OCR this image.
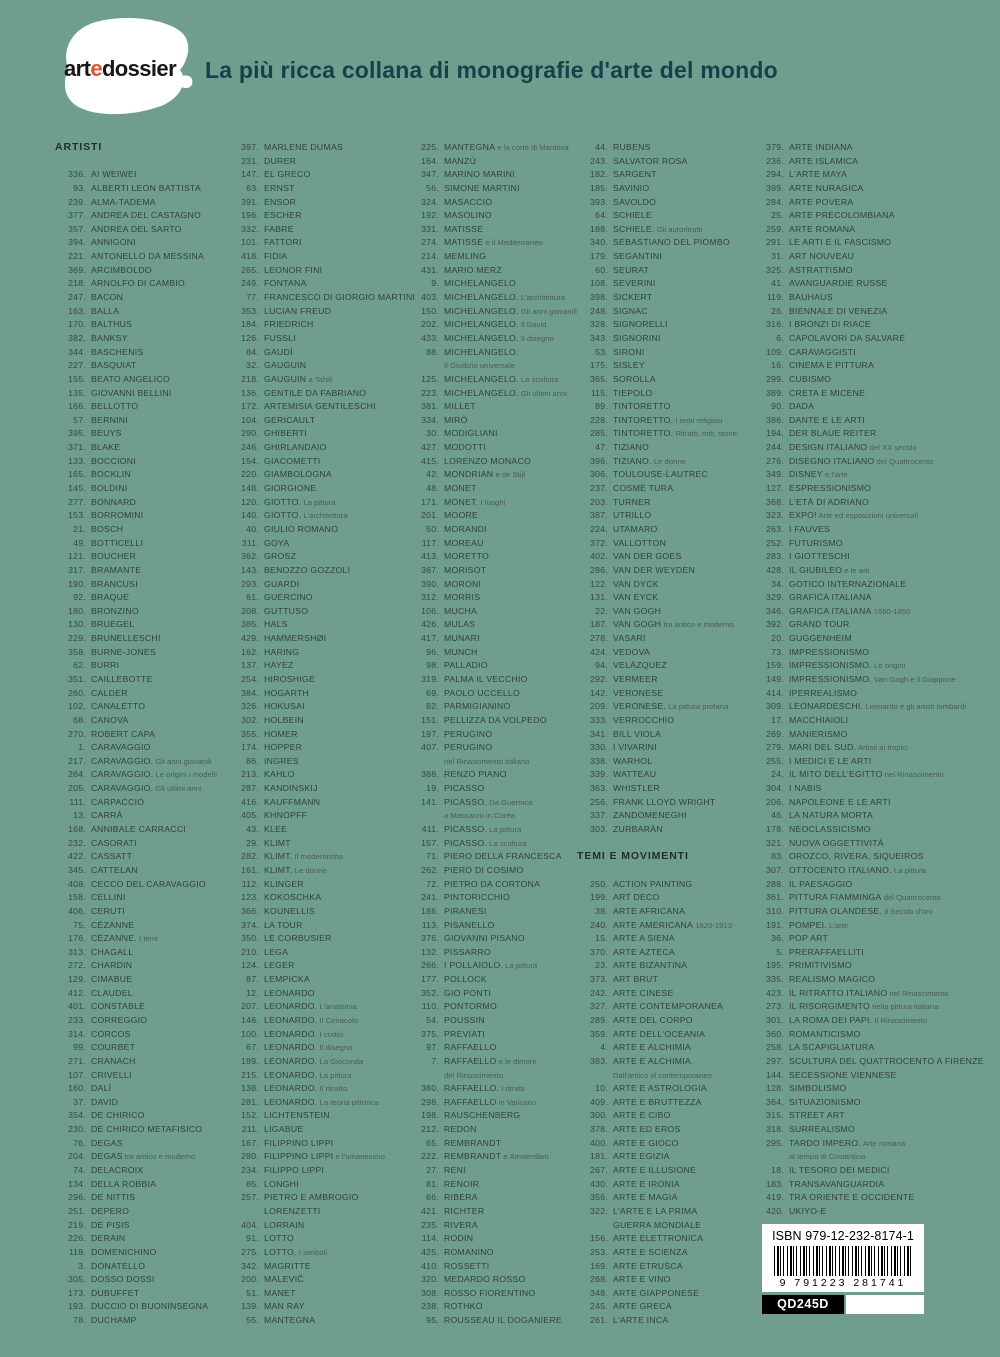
artedossier La più ricca collana di monografie d'arte del mondo
ARTISTI
336. AI WEIWEI
93. ALBERTI LEON BATTISTA
239. ALMA-TADEMA
377. ANDREA DEL CASTAGNO
357. ANDREA DEL SARTO
394. ANNIGONI
221. ANTONELLO DA MESSINA
369. ARCIMBOLDO
218. ARNOLFO DI CAMBIO
247. BACON
163. BALLA
170. BALTHUS
382. BANKSY
344. BASCHENIS
227. BASQUIAT
155. BEATO ANGELICO
135. GIOVANNI BELLINI
166. BELLOTTO
57. BERNINI
395. BEUYS
371. BLAKE
133. BOCCIONI
165. BOCKLIN
145. BOLDINI
277. BONNARD
153. BORROMINI
21. BOSCH
49. BOTTICELLI
121. BOUCHER
317. BRAMANTE
190. BRANCUSI
92. BRAQUE
180. BRONZINO
130. BRUEGEL
229. BRUNELLESCHI
358. BURNE-JONES
62. BURRI
351. CAILLEBOTTE
260. CALDER
102. CANALETTO
68. CANOVA
270. ROBERT CAPA
1. CARAVAGGIO
217. CARAVAGGIO. Gli anni giovanili
264. CARAVAGGIO. Le origini i modelli
205. CARAVAGGIO. Gli ultimi anni
111. CARPACCIO
13. CARRÀ
168. ANNIBALE CARRACCI
232. CASORATI
422. CASSATT
345. CATTELAN
408. CECCO DEL CARAVAGGIO
158. CELLINI
406. CERUTI
75. CÉZANNE
176. CÉZANNE. I temi
313. CHAGALL
272. CHARDIN
129. CIMABUE
412. CLAUDEL
401. CONSTABLE
233. CORREGGIO
314. CORCOS
99. COURBET
271. CRANACH
107. CRIVELLI
160. DALÍ
37. DAVID
354. DE CHIRICO
230. DE CHIRICO METAFISICO
76. DEGAS
204. DEGAS tra antico e moderno
74. DELACROIX
134. DELLA ROBBIA
296. DE NITTIS
251. DEPERO
219. DE PISIS
226. DERAIN
118. DOMENICHINO
3. DONATELLO
305. DOSSO DOSSI
173. DUBUFFET
193. DUCCIO DI BUONINSEGNA
78. DUCHAMP
397. MARLENE DUMAS
231. DURER
147. EL GRECO
63. ERNST
391. ENSOR
196. ESCHER
332. FABRE
101. FATTORI
418. FIDIA
265. LEONOR FINI
249. FONTANA
77. FRANCESCO DI GIORGIO MARTINI
353. LUCIAN FREUD
184. FRIEDRICH
126. FUSSLI
84. GAUDÍ
32. GAUGUIN
218. GAUGUIN a Tahiti
136. GENTILE DA FABRIANO
172. ARTEMISIA GENTILESCHI
104. GERICAULT
290. GHIBERTI
246. GHIRLANDAIO
154. GIACOMETTI
220. GIAMBOLOGNA
148. GIORGIONE
120. GIOTTO. La pittura
140. GIOTTO. L'architettura
40. GIULIO ROMANO
311. GOYA
362. GROSZ
143. BENOZZO GOZZOLI
293. GUARDI
61. GUERCINO
208. GUTTUSO
385. HALS
429. HAMMERSHØI
162. HARING
137. HAYEZ
254. HIROSHIGE
384. HOGARTH
326. HOKUSAI
302. HOLBEIN
355. HOMER
174. HOPPER
86. INGRES
213. KAHLO
287. KANDINSKIJ
416. KAUFFMANN
405. KHNOPFF
43. KLEE
29. KLIMT
282. KLIMT. Il modernismo
161. KLIMT. Le donne
112. KLINGER
123. KOKOSCHKA
366. KOUNELLIS
374. LA TOUR
350. LE CORBUSIER
210. LEGA
124. LEGER
87. LEMPICKA
12. LEONARDO
207. LEONARDO. L'anatomia
146. LEONARDO. Il Cenacolo
100. LEONARDO. I codici
67. LEONARDO. Il disegno
189. LEONARDO. La Gioconda
215. LEONARDO. La pittura
138. LEONARDO. Il ritratto
281. LEONARDO. La teoria pittorica
152. LICHTENSTEIN
211. LIGABUE
167. FILIPPINO LIPPI
280. FILIPPINO LIPPI e l'umanesimo
234. FILIPPO LIPPI
85. LONGHI
257. PIETRO E AMBROGIO
LORENZETTI
404. LORRAIN
91. LOTTO
275. LOTTO. I simboli
342. MAGRITTE
200. MALEVIČ
51. MANET
139. MAN RAY
55. MANTEGNA
225. MANTEGNA e la corte di Mantova
164. MANZÙ
347. MARINO MARINI
56. SIMONE MARTINI
324. MASACCIO
192. MASOLINO
331. MATISSE
274. MATISSE e il Mediterraneo
214. MEMLING
431. MARIO MERZ
9. MICHELANGELO
403. MICHELANGELO. L'architettura
150. MICHELANGELO. Gli anni giovanili
202. MICHELANGELO. Il David
433. MICHELANGELO. Il disegno
88. MICHELANGELO.
Il Giudizio universale
125. MICHELANGELO. La scultura
223. MICHELANGELO. Gli ultimi anni
381. MILLET
334. MIRÒ
30. MODIGLIANI
427. MODOTTI
415. LORENZO MONACO
42. MONDRIAN e de Stijl
48. MONET
171. MONET. I luoghi
201. MOORE
50. MORANDI
117. MOREAU
413. MORETTO
367. MORISOT
390. MORONI
312. MORRIS
106. MUCHA
426. MULAS
417. MUNARI
96. MUNCH
98. PALLADIO
319. PALMA IL VECCHIO
69. PAOLO UCCELLO
82. PARMIGIANINO
151. PELLIZZA DA VOLPEDO
197. PERUGINO
407. PERUGINO
nel Rinascimento italiano
388. RENZO PIANO
19. PICASSO
141. PICASSO. Da Guernica
a Massacro in Corea
411. PICASSO. La pittura
157. PICASSO. La scultura
71. PIERO DELLA FRANCESCA
262. PIERO DI COSIMO
72. PIETRO DA CORTONA
241. PINTORICCHIO
186. PIRANESI
113. PISANELLO
376. GIOVANNI PISANO
132. PISSARRO
266. I POLLAIOLO. La pittura
177. POLLOCK
352. GIO PONTI
110. PONTORMO
54. POUSSIN
375. PREVIATI
97. RAFFAELLO
7. RAFFAELLO e le dimore
del Rinascimento
380. RAFFAELLO. I ritratti
298. RAFFAELLO in Vaticano
198. RAUSCHENBERG
212. REDON
65. REMBRANDT
222. REMBRANDT e Amsterdam
27. RENI
81. RENOIR
66. RIBERA
421. RICHTER
235. RIVERA
114. RODIN
425. ROMANINO
410. ROSSETTI
320. MEDARDO ROSSO
308. ROSSO FIORENTINO
238. ROTHKO
95. ROUSSEAU IL DOGANIERE
44. RUBENS
243. SALVATOR ROSA
182. SARGENT
185. SAVINIO
393. SAVOLDO
64. SCHIELE
188. SCHIELE. Gli autoritratti
340. SEBASTIANO DEL PIOMBO
179. SEGANTINI
60. SEURAT
108. SEVERINI
398. SICKERT
248. SIGNAC
328. SIGNORELLI
343. SIGNORINI
53. SIRONI
175. SISLEY
365. SOROLLA
115. TIEPOLO
89. TINTORETTO
228. TINTORETTO. I temi religiosi
285. TINTORETTO. Ritratti, miti, storie
47. TIZIANO
396. TIZIANO. Le donne
306. TOULOUSE-LAUTREC
237. COSMÈ TURA
203. TURNER
387. UTRILLO
224. UTAMARO
372. VALLOTTON
402. VAN DER GOES
286. VAN DER WEYDEN
122. VAN DYCK
131. VAN EYCK
22. VAN GOGH
187. VAN GOGH tra antico e moderno
278. VASARI
424. VEDOVA
94. VELÁZQUEZ
292. VERMEER
142. VERONESE
209. VERONESE. La pittura profana
333. VERROCCHIO
341. BILL VIOLA
330. I VIVARINI
338. WARHOL
339. WATTEAU
363. WHISTLER
256. FRANK LLOYD WRIGHT
337. ZANDOMENEGHI
303. ZURBARÁN
TEMI E MOVIMENTI
250. ACTION PAINTING
199. ART DECO
38. ARTE AFRICANA
240. ARTE AMERICANA 1620-1913
15. ARTE A SIENA
370. ARTE AZTECA
23. ARTE BIZANTINA
373. ART BRUT
242. ARTE CINESE
327. ARTE CONTEMPORANEA
289. ARTE DEL CORPO
359. ARTE DELL'OCEANIA
4. ARTE E ALCHIMIA
383. ARTE E ALCHIMIA.
Dall'antico al contemporaneo
10. ARTE E ASTROLOGIA
409. ARTE E BRUTTEZZA
300. ARTE E CIBO
378. ARTE ED EROS
400. ARTE E GIOCO
181. ARTE EGIZIA
267. ARTE E ILLUSIONE
430. ARTE E IRONIA
356. ARTE E MAGIA
322. L'ARTE E LA PRIMA
GUERRA MONDIALE
156. ARTE ELETTRONICA
253. ARTE E SCIENZA
169. ARTE ETRUSCA
268. ARTE E VINO
348. ARTE GIAPPONESE
245. ARTE GRECA
261. L'ARTE INCA
379. ARTE INDIANA
236. ARTE ISLAMICA
294. L'ARTE MAYA
399. ARTE NURAGICA
284. ARTE POVERA
25. ARTE PRECOLOMBIANA
259. ARTE ROMANA
291. LE ARTI E IL FASCISMO
31. ART NOUVEAU
325. ASTRATTISMO
41. AVANGUARDIE RUSSE
119. BAUHAUS
26. BIENNALE DI VENEZIA
316. I BRONZI DI RIACE
6. CAPOLAVORI DA SALVARE
109. CARAVAGGISTI
16. CINEMA E PITTURA
299. CUBISMO
389. CRETA E MICENE
90. DADA
386. DANTE E LE ARTI
194. DER BLAUE REITER
244. DESIGN ITALIANO del XX secolo
276. DISEGNO ITALIANO del Quattrocento
349. DISNEY e l'arte
127. ESPRESSIONISMO
368. L'ETÀ DI ADRIANO
323. EXPO! Arte ed esposizioni universali
263. I FAUVES
252. FUTURISMO
283. I GIOTTESCHI
428. IL GIUBILEO e le arti
34. GOTICO INTERNAZIONALE
329. GRAFICA ITALIANA
346. GRAFICA ITALIANA 1650-1850
392. GRAND TOUR
20. GUGGENHEIM
73. IMPRESSIONISMO
159. IMPRESSIONISMO. Le origini
149. IMPRESSIONISMO. Van Gogh e il Giappone
414. IPERREALISMO
309. LEONARDESCHI. Leonardo e gli artisti lombardi
17. MACCHIAIOLI
269. MANIERISMO
279. MARI DEL SUD. Artisti ai tropici
255. I MEDICI E LE ARTI
24. IL MITO DELL'EGITTO nel Rinascimento
304. I NABIS
206. NAPOLEONE E LE ARTI
46. LA NATURA MORTA
178. NEOCLASSICISMO
321. NUOVA OGGETTIVITÀ
83. OROZCO, RIVERA, SIQUEIROS
307. OTTOCENTO ITALIANO. La pittura
288. IL PAESAGGIO
361. PITTURA FIAMMINGA del Quattrocento
310. PITTURA OLANDESE. Il Secolo d'oro
191. POMPEI. L'arte
36. POP ART
5. PRERAFFAELLITI
195. PRIMITIVISMO
335. REALISMO MAGICO
423. IL RITRATTO ITALIANO nel Rinascimento
273. IL RISORGIMENTO nella pittura italiana
301. LA ROMA DEI PAPI. Il Rinascimento
360. ROMANTICISMO
258. LA SCAPIGLIATURA
297. SCULTURA DEL QUATTROCENTO A FIRENZE
144. SECESSIONE VIENNESE
128. SIMBOLISMO
364. SITUAZIONISMO
315. STREET ART
318. SURREALISMO
295. TARDO IMPERO. Arte romana
al tempo di Costantino
18. IL TESORO DEI MEDICI
183. TRANSAVANGUARDIA
419. TRA ORIENTE E OCCIDENTE
420. UKIYO-E
ISBN 979-12-232-8174-1
9 791223 281741
QD245D
